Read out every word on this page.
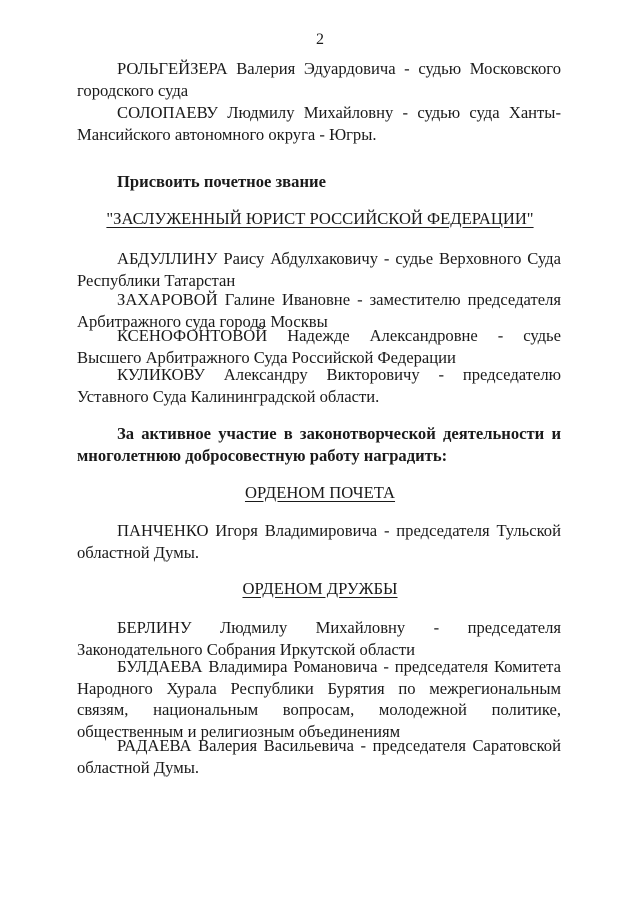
2

РОЛЬГЕЙЗЕРА Валерия Эдуардовича - судью Московского городского суда

СОЛОПАЕВУ Людмилу Михайловну - судью суда Ханты-Мансийского автономного округа - Югры.

Присвоить почетное звание
"ЗАСЛУЖЕННЫЙ ЮРИСТ РОССИЙСКОЙ ФЕДЕРАЦИИ"

АБДУЛЛИНУ Раису Абдулхаковичу - судье Верховного Суда Республики Татарстан

ЗАХАРОВОЙ Галине Ивановне - заместителю председателя Арбитражного суда города Москвы

КСЕНОФОНТОВОЙ Надежде Александровне - судье Высшего Арбитражного Суда Российской Федерации

КУЛИКОВУ Александру Викторовичу - председателю Уставного Суда Калининградской области.

За активное участие в законотворческой деятельности и многолетнюю добросовестную работу наградить:

ОРДЕНОМ ПОЧЕТА

ПАНЧЕНКО Игоря Владимировича - председателя Тульской областной Думы.

ОРДЕНОМ ДРУЖБЫ

БЕРЛИНУ Людмилу Михайловну - председателя Законодательного Собрания Иркутской области

БУЛДАЕВА Владимира Романовича - председателя Комитета Народного Хурала Республики Бурятия по межрегиональным связям, национальным вопросам, молодежной политике, общественным и религиозным объединениям

РАДАЕВА Валерия Васильевича - председателя Саратовской областной Думы.
